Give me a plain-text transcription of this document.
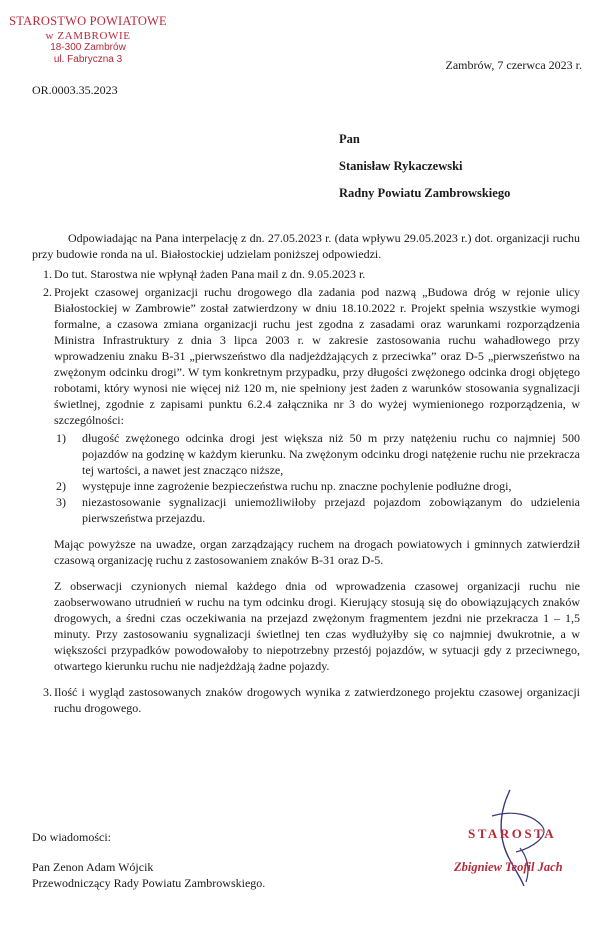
STAROSTWO POWIATOWE
w ZAMBROWIE
18-300 Zambrów
ul. Fabryczna 3
OR.0003.35.2023
Zambrów, 7 czerwca 2023 r.
Pan
Stanisław Rykaczewski
Radny Powiatu Zambrowskiego

Odpowiadając na Pana interpelację z dn. 27.05.2023 r. (data wpływu 29.05.2023 r.) dot. organizacji ruchu przy budowie ronda na ul. Białostockiej udzielam poniższej odpowiedzi.

1. Do tut. Starostwa nie wpłynął żaden Pana mail z dn. 9.05.2023 r.

2. Projekt czasowej organizacji ruchu drogowego dla zadania pod nazwą „Budowa dróg w rejonie ulicy Białostockiej w Zambrowie” został zatwierdzony w dniu 18.10.2022 r. Projekt spełnia wszystkie wymogi formalne, a czasowa zmiana organizacji ruchu jest zgodna z zasadami oraz warunkami rozporządzenia Ministra Infrastruktury z dnia 3 lipca 2003 r. w zakresie zastosowania ruchu wahadłowego przy wprowadzeniu znaku B-31 „pierwszeństwo dla nadjeżdżających z przeciwka” oraz D-5 „pierwszeństwo na zwężonym odcinku drogi”. W tym konkretnym przypadku, przy długości zwężonego odcinka drogi objętego robotami, który wynosi nie więcej niż 120 m, nie spełniony jest żaden z warunków stosowania sygnalizacji świetlnej, zgodnie z zapisami punktu 6.2.4 załącznika nr 3 do wyżej wymienionego rozporządzenia, w szczególności:

1) długość zwężonego odcinka drogi jest większa niż 50 m przy natężeniu ruchu co najmniej 500 pojazdów na godzinę w każdym kierunku. Na zwężonym odcinku drogi natężenie ruchu nie przekracza tej wartości, a nawet jest znacząco niższe,
2) występuje inne zagrożenie bezpieczeństwa ruchu np. znaczne pochylenie podłużne drogi,
3) niezastosowanie sygnalizacji uniemożliwiłoby przejazd pojazdom zobowiązanym do udzielenia pierwszeństwa przejazdu.

Mając powyższe na uwadze, organ zarządzający ruchem na drogach powiatowych i gminnych zatwierdził czasową organizację ruchu z zastosowaniem znaków B-31 oraz D-5.

Z obserwacji czynionych niemal każdego dnia od wprowadzenia czasowej organizacji ruchu nie zaobserwowano utrudnień w ruchu na tym odcinku drogi. Kierujący stosują się do obowiązujących znaków drogowych, a średni czas oczekiwania na przejazd zwężonym fragmentem jezdni nie przekracza 1 – 1,5 minuty. Przy zastosowaniu sygnalizacji świetlnej ten czas wydłużyłby się co najmniej dwukrotnie, a w większości przypadków powodowałoby to niepotrzebny przestój pojazdów, w sytuacji gdy z przeciwnego, otwartego kierunku ruchu nie nadjeżdżają żadne pojazdy.

3. Ilość i wygląd zastosowanych znaków drogowych wynika z zatwierdzonego projektu czasowej organizacji ruchu drogowego.

STAROSTA
Zbigniew Teofil Jach
Do wiadomości:
Pan Zenon Adam Wójcik
Przewodniczący Rady Powiatu Zambrowskiego.
